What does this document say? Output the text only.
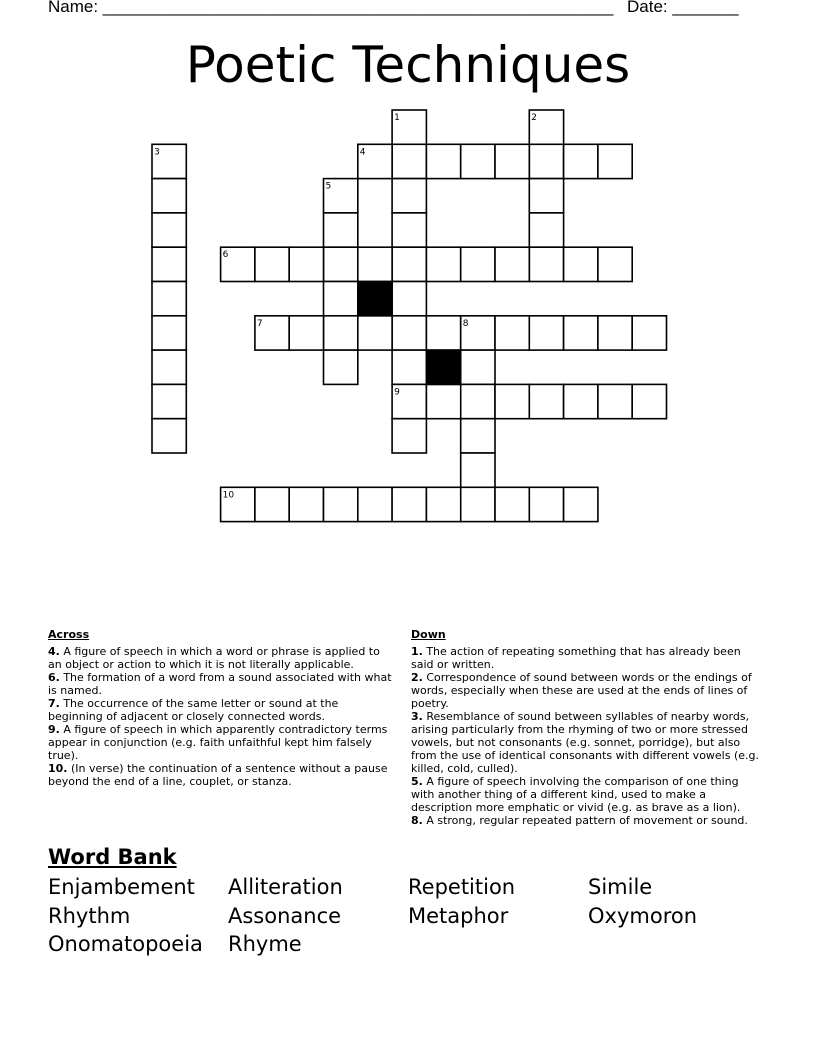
Name: ______________________________________________________ Date: _______
Poetic Techniques
1	2
3	4
5
6
7	8
9
10
Across
4. A figure of speech in which a word or phrase is applied to an object or action to which it is not literally applicable.
6. The formation of a word from a sound associated with what is named.
7. The occurrence of the same letter or sound at the beginning of adjacent or closely connected words.
9. A figure of speech in which apparently contradictory terms appear in conjunction (e.g. faith unfaithful kept him falsely true).
10. (In verse) the continuation of a sentence without a pause beyond the end of a line, couplet, or stanza.
Down
1. The action of repeating something that has already been said or written.
2. Correspondence of sound between words or the endings of words, especially when these are used at the ends of lines of poetry.
3. Resemblance of sound between syllables of nearby words, arising particularly from the rhyming of two or more stressed vowels, but not consonants (e.g. sonnet, porridge), but also from the use of identical consonants with different vowels (e.g. killed, cold, culled).
5. A figure of speech involving the comparison of one thing with another thing of a different kind, used to make a description more emphatic or vivid (e.g. as brave as a lion).
8. A strong, regular repeated pattern of movement or sound.
Word Bank
Enjambement Alliteration	Repetition	Simile
Rhythm	Assonance	Metaphor	Oxymoron
Onomatopoeia Rhyme
